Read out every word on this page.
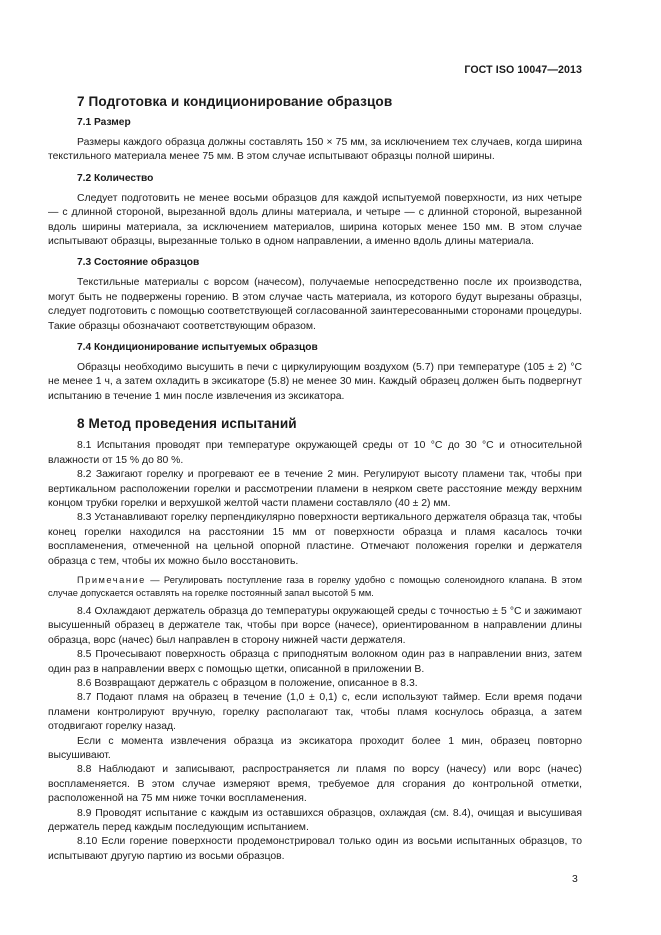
ГОСТ ISO 10047—2013
7 Подготовка и кондиционирование образцов
7.1 Размер

Размеры каждого образца должны составлять 150 × 75 мм, за исключением тех случаев, когда ширина текстильного материала менее 75 мм. В этом случае испытывают образцы полной ширины.

7.2 Количество

Следует подготовить не менее восьми образцов для каждой испытуемой поверхности, из них четыре — с длинной стороной, вырезанной вдоль длины материала, и четыре — с длинной стороной, вырезанной вдоль ширины материала, за исключением материалов, ширина которых менее 150 мм. В этом случае испытывают образцы, вырезанные только в одном направлении, а именно вдоль длины материала.

7.3 Состояние образцов

Текстильные материалы с ворсом (начесом), получаемые непосредственно после их производства, могут быть не подвержены горению. В этом случае часть материала, из которого будут вырезаны образцы, следует подготовить с помощью соответствующей согласованной заинтересованными сторонами процедуры. Такие образцы обозначают соответствующим образом.

7.4 Кондиционирование испытуемых образцов

Образцы необходимо высушить в печи с циркулирующим воздухом (5.7) при температуре (105 ± 2) °C не менее 1 ч, а затем охладить в эксикаторе (5.8) не менее 30 мин. Каждый образец должен быть подвергнут испытанию в течение 1 мин после извлечения из эксикатора.

8 Метод проведения испытаний

8.1 Испытания проводят при температуре окружающей среды от 10 °C до 30 °C и относительной влажности от 15 % до 80 %.

8.2 Зажигают горелку и прогревают ее в течение 2 мин. Регулируют высоту пламени так, чтобы при вертикальном расположении горелки и рассмотрении пламени в неярком свете расстояние между верхним концом трубки горелки и верхушкой желтой части пламени составляло (40 ± 2) мм.

8.3 Устанавливают горелку перпендикулярно поверхности вертикального держателя образца так, чтобы конец горелки находился на расстоянии 15 мм от поверхности образца и пламя касалось точки воспламенения, отмеченной на цельной опорной пластине. Отмечают положения горелки и держателя образца с тем, чтобы их можно было восстановить.

Примечание — Регулировать поступление газа в горелку удобно с помощью соленоидного клапана. В этом случае допускается оставлять на горелке постоянный запал высотой 5 мм.

8.4 Охлаждают держатель образца до температуры окружающей среды с точностью ± 5 °C и зажимают высушенный образец в держателе так, чтобы при ворсе (начесе), ориентированном в направлении длины образца, ворс (начес) был направлен в сторону нижней части держателя.

8.5 Прочесывают поверхность образца с приподнятым волокном один раз в направлении вниз, затем один раз в направлении вверх с помощью щетки, описанной в приложении В.

8.6 Возвращают держатель с образцом в положение, описанное в 8.3.

8.7 Подают пламя на образец в течение (1,0 ± 0,1) с, если используют таймер. Если время подачи пламени контролируют вручную, горелку располагают так, чтобы пламя коснулось образца, а затем отодвигают горелку назад.

Если с момента извлечения образца из эксикатора проходит более 1 мин, образец повторно высушивают.

8.8 Наблюдают и записывают, распространяется ли пламя по ворсу (начесу) или ворс (начес) воспламеняется. В этом случае измеряют время, требуемое для сгорания до контрольной отметки, расположенной на 75 мм ниже точки воспламенения.

8.9 Проводят испытание с каждым из оставшихся образцов, охлаждая (см. 8.4), очищая и высушивая держатель перед каждым последующим испытанием.

8.10 Если горение поверхности продемонстрировал только один из восьми испытанных образцов, то испытывают другую партию из восьми образцов.

3
